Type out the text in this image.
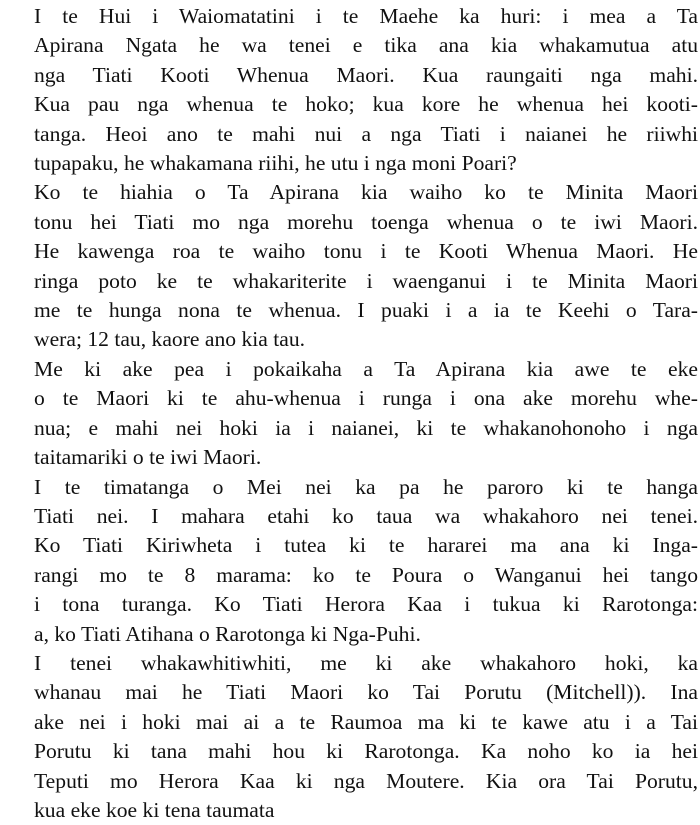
I te Hui i Waiomatatini i te Maehe ka huri: i mea a Ta
Apirana Ngata he wa tenei e tika ana kia whakamutua atu
nga Tiati Kooti Whenua Maori. Kua raungaiti nga mahi.
Kua pau nga whenua te hoko; kua kore he whenua hei kooti-
tanga. Heoi ano te mahi nui a nga Tiati i naianei he riiwhi
tupapaku, he whakamana riihi, he utu i nga moni Poari?

Ko te hiahia o Ta Apirana kia waiho ko te Minita Maori
tonu hei Tiati mo nga morehu toenga whenua o te iwi Maori.
He kawenga roa te waiho tonu i te Kooti Whenua Maori. He
ringa poto ke te whakariterite i waenganui i te Minita Maori
me te hunga nona te whenua. I puaki i a ia te Keehi o Tara-
wera; 12 tau, kaore ano kia tau.

Me ki ake pea i pokaikaha a Ta Apirana kia awe te eke
o te Maori ki te ahu-whenua i runga i ona ake morehu whe-
nua; e mahi nei hoki ia i naianei, ki te whakanohonoho i nga
taitamariki o te iwi Maori.

I te timatanga o Mei nei ka pa he paroro ki te hanga
Tiati nei. I mahara etahi ko taua wa whakahoro nei tenei.
Ko Tiati Kiriwheta i tutea ki te hararei ma ana ki Inga-
rangi mo te 8 marama: ko te Poura o Wanganui hei tango
i tona turanga. Ko Tiati Herora Kaa i tukua ki Rarotonga:
a, ko Tiati Atihana o Rarotonga ki Nga-Puhi.

I tenei whakawhitiwhiti, me ki ake whakahoro hoki, ka
whanau mai he Tiati Maori ko Tai Porutu (Mitchell)). Ina
ake nei i hoki mai ai a te Raumoa ma ki te kawe atu i a Tai
Porutu ki tana mahi hou ki Rarotonga. Ka noho ko ia hei
Teputi mo Herora Kaa ki nga Moutere. Kia ora Tai Porutu,
kua eke koe ki tena taumata
